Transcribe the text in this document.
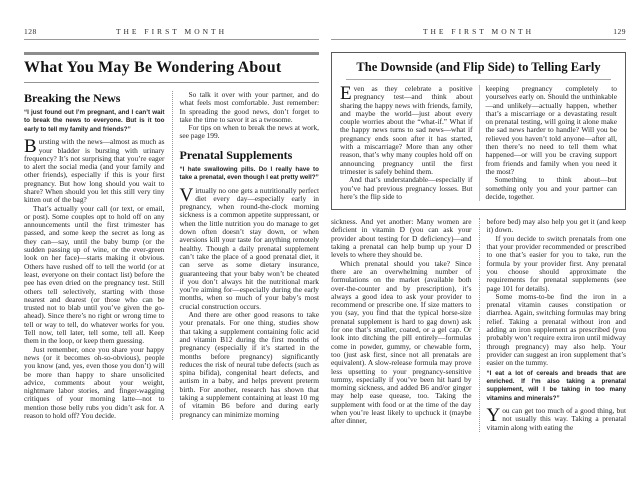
128	THE FIRST MONTH
What You May Be Wondering About
Breaking the News

“I just found out I’m pregnant, and I can’t wait to break the news to everyone. But is it too early to tell my family and friends?”

Bursting with the news—almost as much as your bladder is bursting with urinary frequency? It’s not surprising that you’re eager to alert the social media (and your family and other friends), especially if this is your first pregnancy. But how long should you wait to share? When should you let this still very tiny kitten out of the bag?

That’s actually your call (or text, or email, or post). Some couples opt to hold off on any announcements until the first trimester has passed, and some keep the secret as long as they can—say, until the baby bump (or the sudden passing up of wine, or the ever-green look on her face)—starts making it obvious. Others have rushed off to tell the world (or at least, everyone on their contact list) before the pee has even dried on the pregnancy test. Still others tell selectively, starting with those nearest and dearest (or those who can be trusted not to blab until you’ve given the go-ahead). Since there’s no right or wrong time to tell or way to tell, do whatever works for you. Tell now, tell later, tell some, tell all. Keep them in the loop, or keep them guessing.

Just remember, once you share your happy news (or it becomes oh-so-obvious), people you know (and, yes, even those you don’t) will be more than happy to share unsolicited advice, comments about your weight, nightmare labor stories, and finger-wagging critiques of your morning latte—not to mention those belly rubs you didn’t ask for. A reason to hold off? You decide.

So talk it over with your partner, and do what feels most comfortable. Just remember: In spreading the good news, don’t forget to take the time to savor it as a twosome.

For tips on when to break the news at work, see page 199.

Prenatal Supplements

“I hate swallowing pills. Do I really have to take a prenatal, even though I eat pretty well?”

Virtually no one gets a nutritionally perfect diet every day—especially early in pregnancy, when round-the-clock morning sickness is a common appetite suppressant, or when the little nutrition you do manage to get down often doesn’t stay down, or when aversions kill your taste for anything remotely healthy. Though a daily prenatal supplement can’t take the place of a good prenatal diet, it can serve as some dietary insurance, guaranteeing that your baby won’t be cheated if you don’t always hit the nutritional mark you’re aiming for—especially during the early months, when so much of your baby’s most crucial construction occurs.

And there are other good reasons to take your prenatals. For one thing, studies show that taking a supplement containing folic acid and vitamin B12 during the first months of pregnancy (especially if it’s started in the months before pregnancy) significantly reduces the risk of neural tube defects (such as spina bifida), congenital heart defects, and autism in a baby, and helps prevent preterm birth. For another, research has shown that taking a supplement containing at least 10 mg of vitamin B6 before and during early pregnancy can minimize morning

THE FIRST MONTH	129
The Downside (and Flip Side) to Telling Early

Even as they celebrate a positive pregnancy test—and think about sharing the happy news with friends, family, and maybe the world—just about every couple worries about the “what-if.” What if the happy news turns to sad news—what if pregnancy ends soon after it has started, with a miscarriage? More than any other reason, that’s why many couples hold off on announcing pregnancy until the first trimester is safely behind them.

And that’s understandable—especially if you’ve had previous pregnancy losses. But here’s the flip side to

keeping pregnancy completely to yourselves early on. Should the unthinkable—and unlikely—actually happen, whether that’s a miscarriage or a devastating result on prenatal testing, will going it alone make the sad news harder to handle? Will you be relieved you haven’t told anyone—after all, then there’s no need to tell them what happened—or will you be craving support from friends and family when you need it the most?

Something to think about—but something only you and your partner can decide, together.

sickness. And yet another: Many women are deficient in vitamin D (you can ask your provider about testing for D deficiency)—and taking a prenatal can help bump up your D levels to where they should be.

Which prenatal should you take? Since there are an overwhelming number of formulations on the market (available both over-the-counter and by prescription), it’s always a good idea to ask your provider to recommend or prescribe one. If size matters to you (say, you find that the typical horse-size prenatal supplement is hard to gag down) ask for one that’s smaller, coated, or a gel cap. Or look into ditching the pill entirely—formulas come in powder, gummy, or chewable form, too (just ask first, since not all prenatals are equivalent). A slow-release formula may prove less upsetting to your pregnancy-sensitive tummy, especially if you’ve been hit hard by morning sickness, and added B6 and/or ginger may help ease quease, too. Taking the supplement with food or at the time of the day when you’re least likely to upchuck it (maybe after dinner,

before bed) may also help you get it (and keep it) down.

If you decide to switch prenatals from one that your provider recommended or prescribed to one that’s easier for you to take, run the formula by your provider first. Any prenatal you choose should approximate the requirements for prenatal supplements (see page 101 for details).

Some moms-to-be find the iron in a prenatal vitamin causes constipation or diarrhea. Again, switching formulas may bring relief. Taking a prenatal without iron and adding an iron supplement as prescribed (you probably won’t require extra iron until midway through pregnancy) may also help. Your provider can suggest an iron supplement that’s easier on the tummy.

“I eat a lot of cereals and breads that are enriched. If I’m also taking a prenatal supplement, will I be taking in too many vitamins and minerals?”

You can get too much of a good thing, but not usually this way. Taking a prenatal vitamin along with eating the
